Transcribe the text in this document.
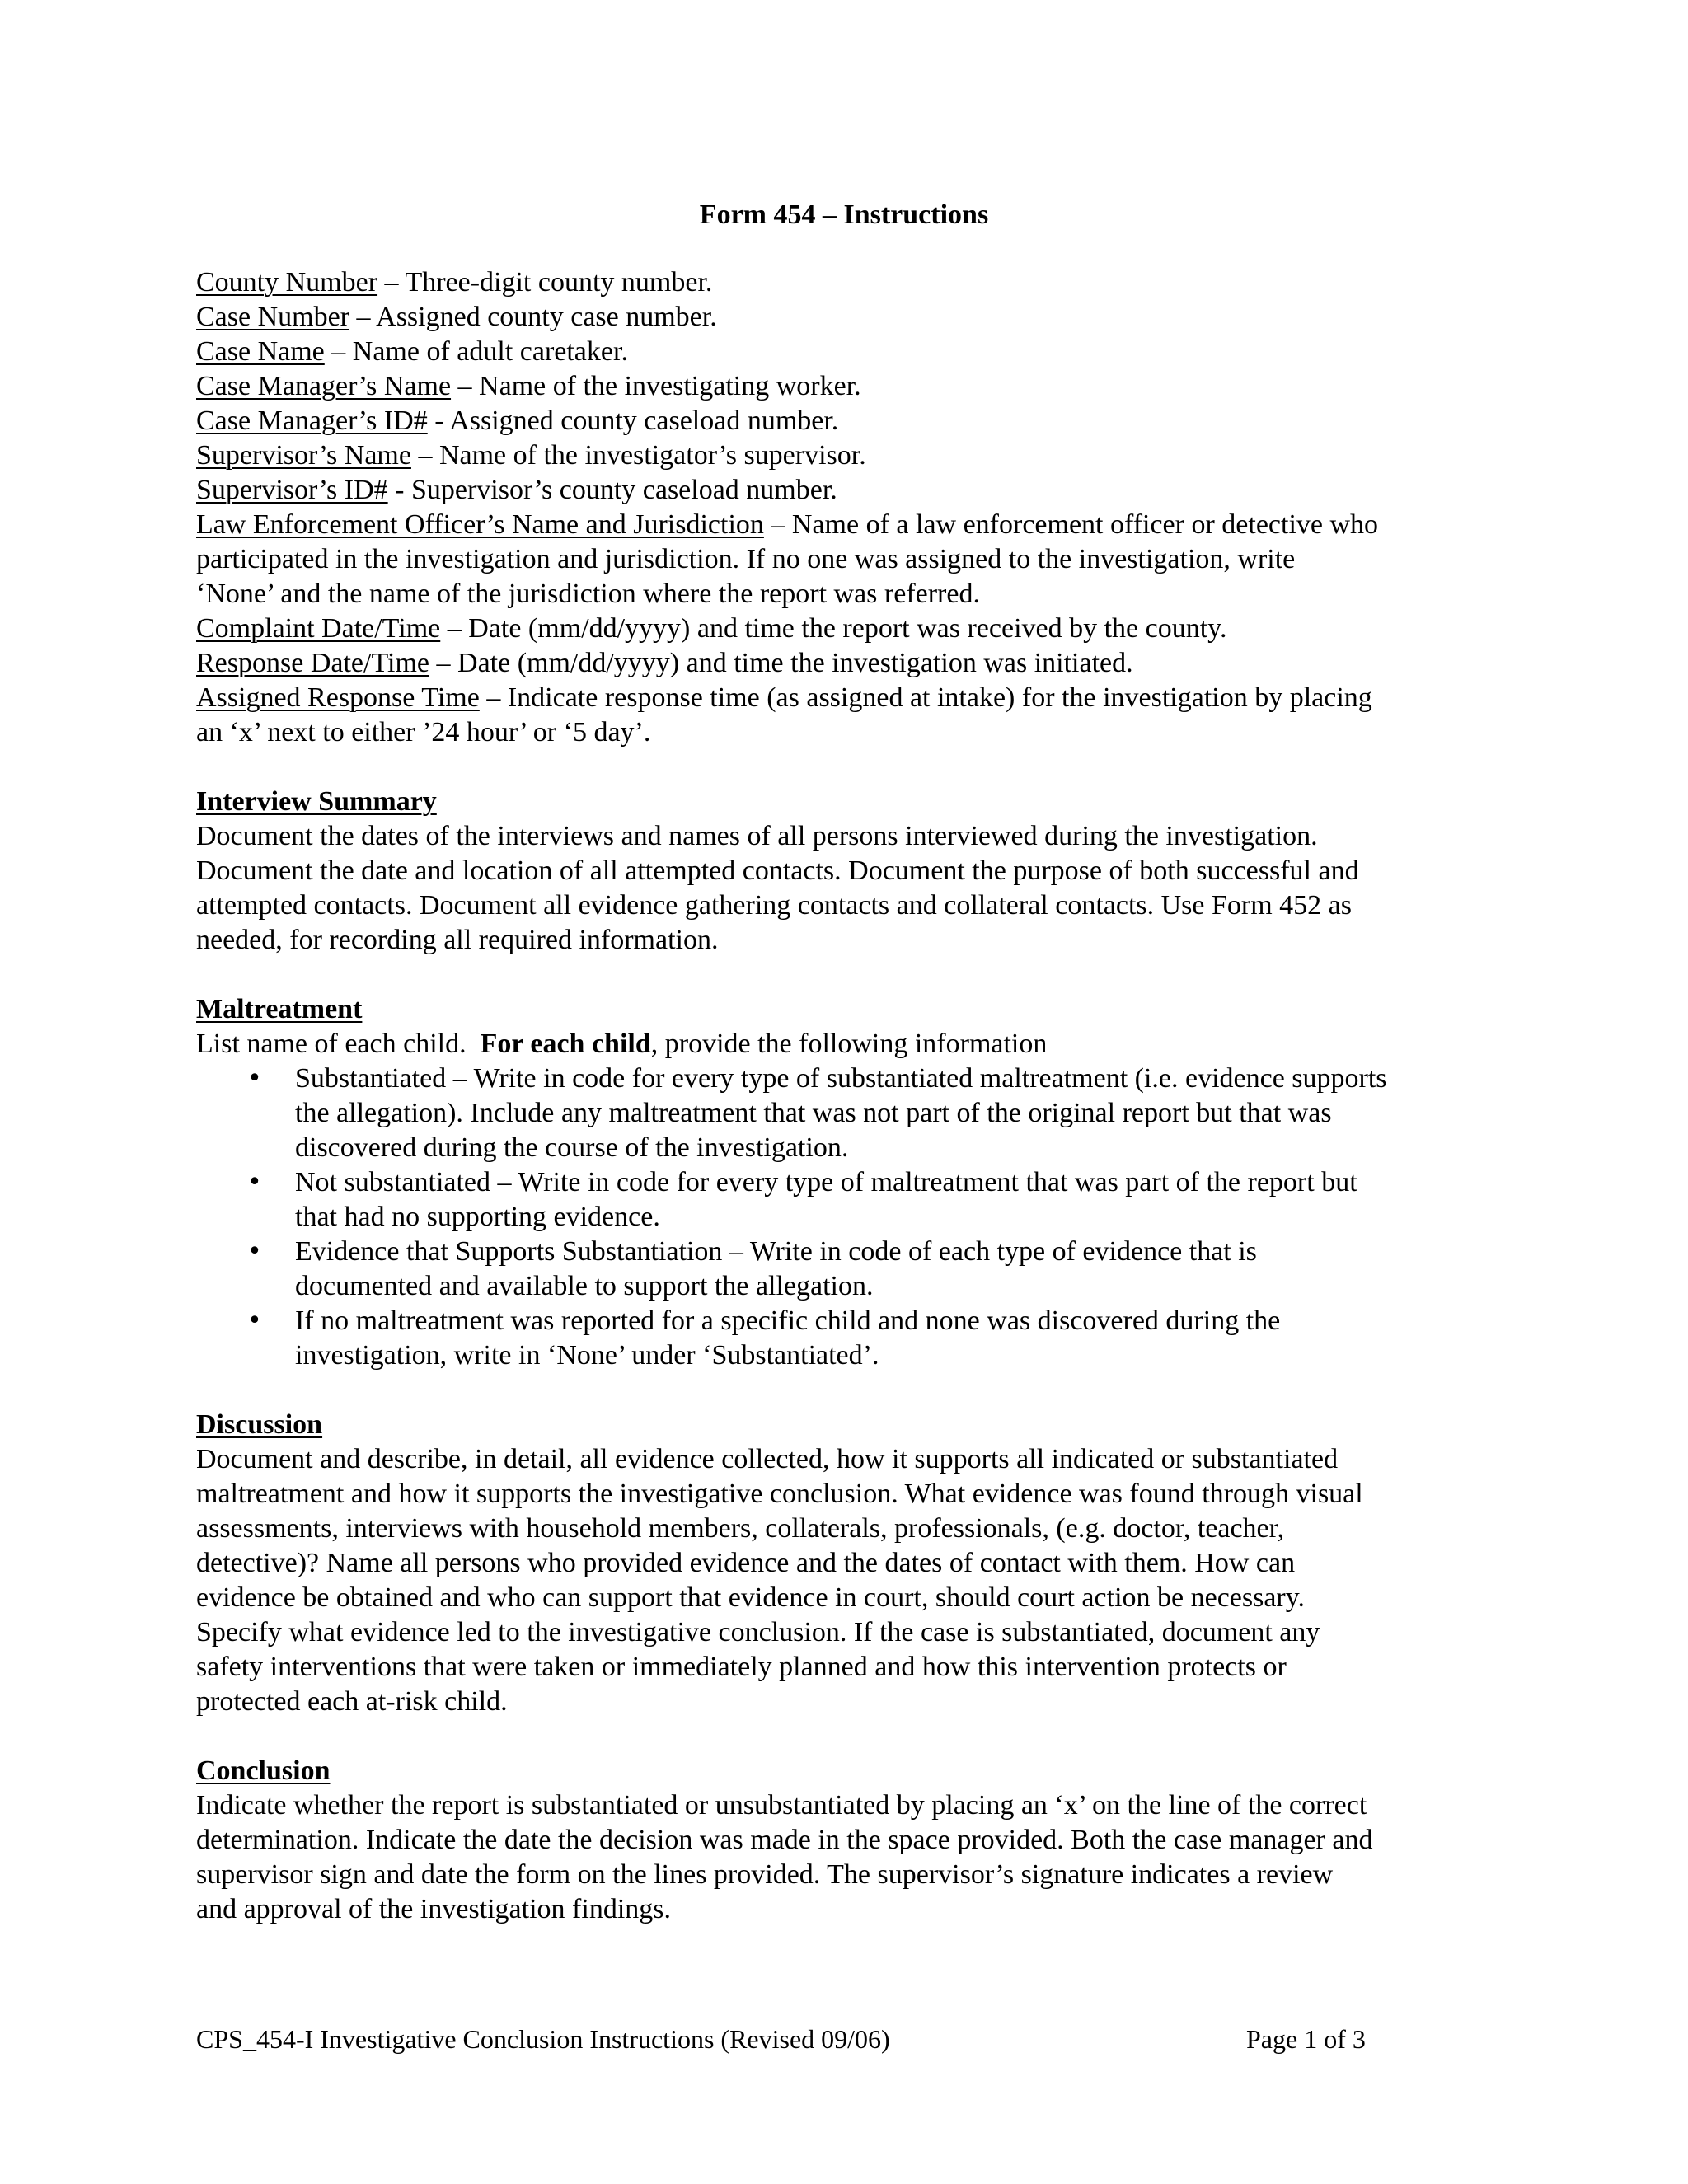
Form 454 – Instructions
County Number – Three-digit county number.
Case Number – Assigned county case number.
Case Name – Name of adult caretaker.
Case Manager’s Name – Name of the investigating worker.
Case Manager’s ID# - Assigned county caseload number.
Supervisor’s Name – Name of the investigator’s supervisor.
Supervisor’s ID# - Supervisor’s county caseload number.
Law Enforcement Officer’s Name and Jurisdiction – Name of a law enforcement officer or detective who
participated in the investigation and jurisdiction. If no one was assigned to the investigation, write
‘None’ and the name of the jurisdiction where the report was referred.
Complaint Date/Time – Date (mm/dd/yyyy) and time the report was received by the county.
Response Date/Time – Date (mm/dd/yyyy) and time the investigation was initiated.
Assigned Response Time – Indicate response time (as assigned at intake) for the investigation by placing
an ‘x’ next to either ’24 hour’ or ‘5 day’.
Interview Summary
Document the dates of the interviews and names of all persons interviewed during the investigation.
Document the date and location of all attempted contacts. Document the purpose of both successful and
attempted contacts. Document all evidence gathering contacts and collateral contacts. Use Form 452 as
needed, for recording all required information.
Maltreatment
List name of each child.  For each child, provide the following information
• Substantiated – Write in code for every type of substantiated maltreatment (i.e. evidence supports
the allegation). Include any maltreatment that was not part of the original report but that was
discovered during the course of the investigation.
• Not substantiated – Write in code for every type of maltreatment that was part of the report but
that had no supporting evidence.
• Evidence that Supports Substantiation – Write in code of each type of evidence that is
documented and available to support the allegation.
• If no maltreatment was reported for a specific child and none was discovered during the
investigation, write in ‘None’ under ‘Substantiated’.
Discussion
Document and describe, in detail, all evidence collected, how it supports all indicated or substantiated
maltreatment and how it supports the investigative conclusion. What evidence was found through visual
assessments, interviews with household members, collaterals, professionals, (e.g. doctor, teacher,
detective)? Name all persons who provided evidence and the dates of contact with them. How can
evidence be obtained and who can support that evidence in court, should court action be necessary.
Specify what evidence led to the investigative conclusion. If the case is substantiated, document any
safety interventions that were taken or immediately planned and how this intervention protects or
protected each at-risk child.
Conclusion
Indicate whether the report is substantiated or unsubstantiated by placing an ‘x’ on the line of the correct
determination. Indicate the date the decision was made in the space provided. Both the case manager and
supervisor sign and date the form on the lines provided. The supervisor’s signature indicates a review
and approval of the investigation findings.
CPS_454-I Investigative Conclusion Instructions (Revised 09/06)	Page 1 of 3
